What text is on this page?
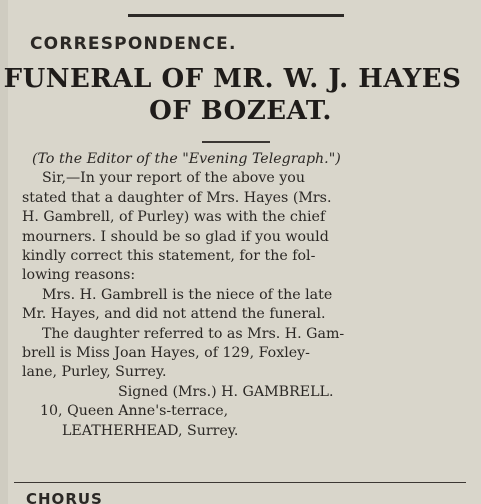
CORRESPONDENCE.
FUNERAL OF MR. W. J. HAYES
OF BOZEAT.
(To the Editor of the "Evening Telegraph.")
Sir,—In your report of the above you
stated that a daughter of Mrs. Hayes (Mrs.
H. Gambrell, of Purley) was with the chief
mourners. I should be so glad if you would
kindly correct this statement, for the fol-
lowing reasons:
Mrs. H. Gambrell is the niece of the late
Mr. Hayes, and did not attend the funeral.
The daughter referred to as Mrs. H. Gam-
brell is Miss Joan Hayes, of 129, Foxley-
lane, Purley, Surrey.
Signed (Mrs.) H. GAMBRELL.
10, Queen Anne's-terrace,
LEATHERHEAD, Surrey.
CHORUS
